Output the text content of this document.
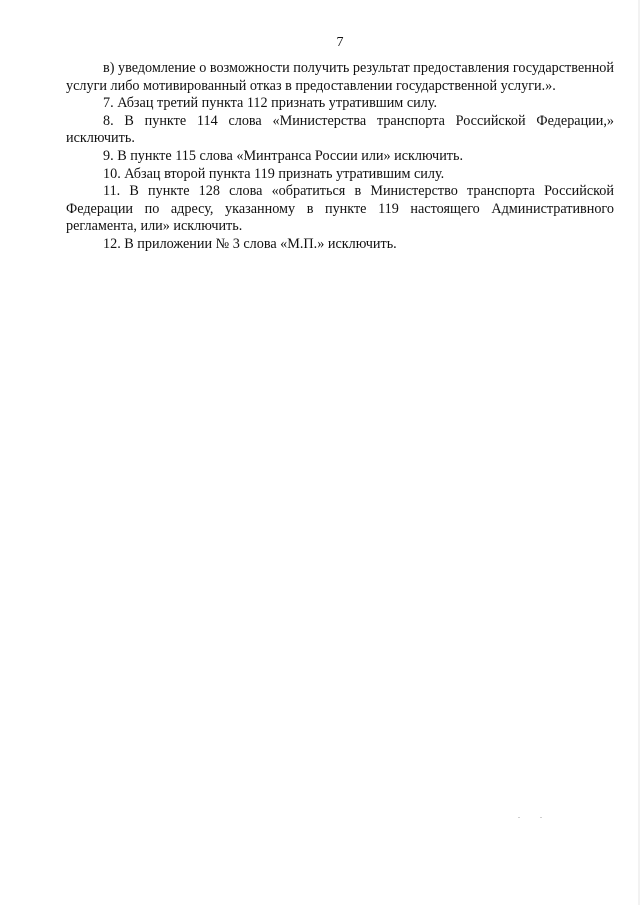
7

в) уведомление о возможности получить результат предоставления государственной услуги либо мотивированный отказ в предоставлении государственной услуги.».

7. Абзац третий пункта 112 признать утратившим силу.

8. В пункте 114 слова «Министерства транспорта Российской Федерации,» исключить.

9. В пункте 115 слова «Минтранса России или» исключить.

10. Абзац второй пункта 119 признать утратившим силу.

11. В пункте 128 слова «обратиться в Министерство транспорта Российской Федерации по адресу, указанному в пункте 119 настоящего Административного регламента, или» исключить.

12. В приложении № 3 слова «М.П.» исключить.
